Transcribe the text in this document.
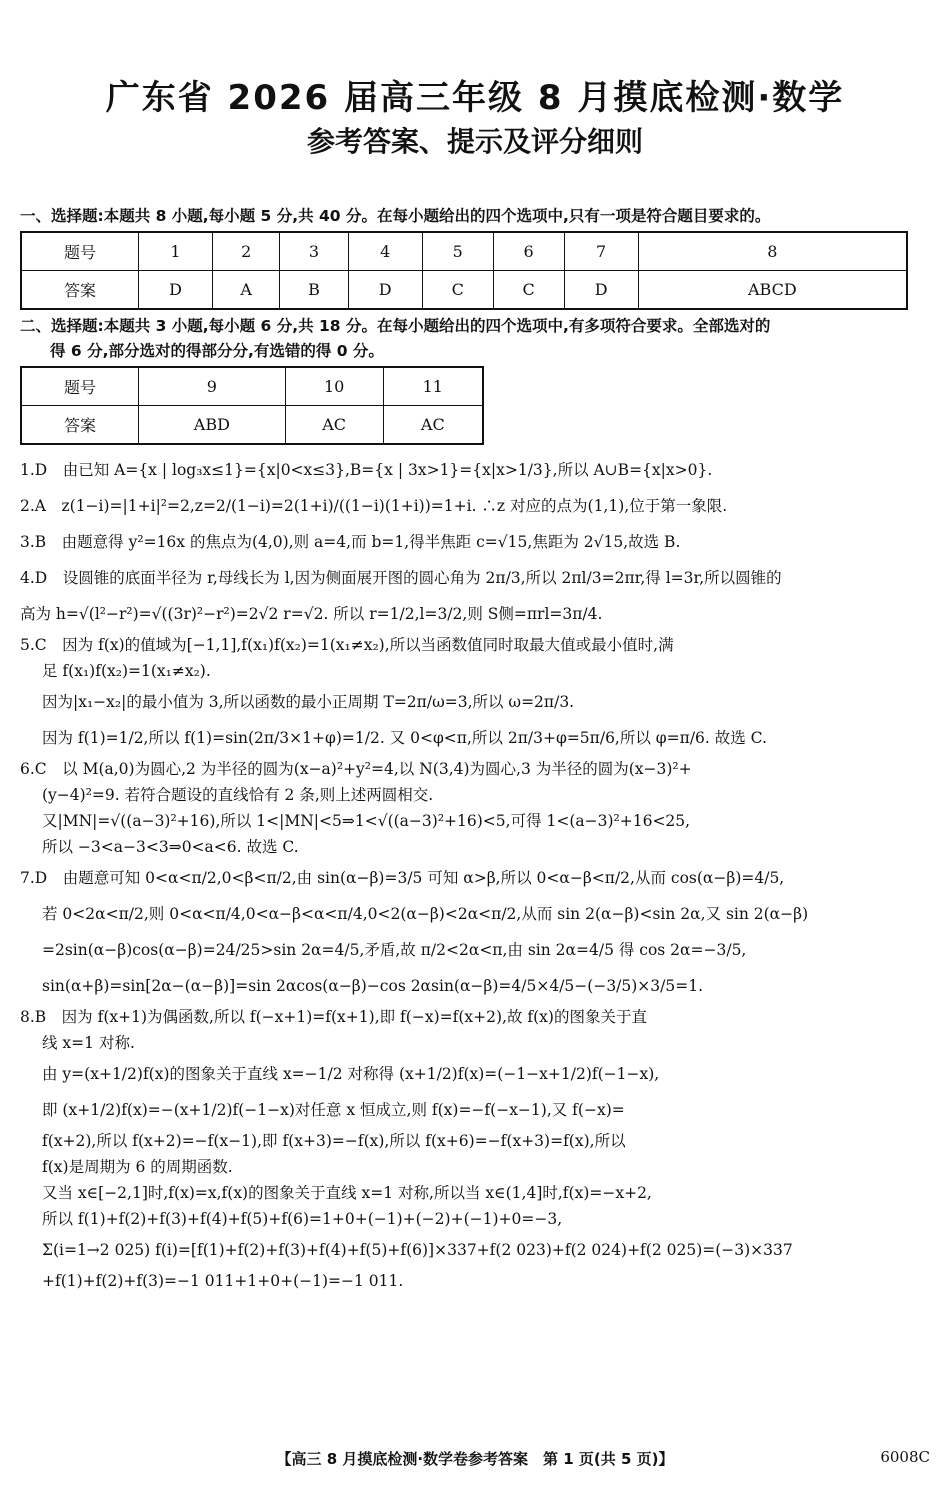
广东省 2026 届高三年级 8 月摸底检测·数学
参考答案、提示及评分细则
一、选择题:本题共 8 小题,每小题 5 分,共 40 分。在每小题给出的四个选项中,只有一项是符合题目要求的。
题号	1	2	3	4	5	6	7	8
答案	D	A	B	D	C	C	D	ABCD
二、选择题:本题共 3 小题,每小题 6 分,共 18 分。在每小题给出的四个选项中,有多项符合要求。全部选对的
得 6 分,部分选对的得部分分,有选错的得 0 分。
题号	9	10	11
答案	ABD	AC	AC
1.D　由已知 A={x | log₃x≤1}={x|0<x≤3},B={x | 3x>1}={x|x>1/3},所以 A∪B={x|x>0}.
2.A　z(1−i)=|1+i|²=2,z=2/(1−i)=2(1+i)/((1−i)(1+i))=1+i. ∴z 对应的点为(1,1),位于第一象限.
3.B　由题意得 y²=16x 的焦点为(4,0),则 a=4,而 b=1,得半焦距 c=√15,焦距为 2√15,故选 B.
4.D　设圆锥的底面半径为 r,母线长为 l,因为侧面展开图的圆心角为 2π/3,所以 2πl/3=2πr,得 l=3r,所以圆锥的
高为 h=√(l²−r²)=√((3r)²−r²)=2√2 r=√2. 所以 r=1/2,l=3/2,则 S侧=πrl=3π/4.
5.C　因为 f(x)的值域为[−1,1],f(x₁)f(x₂)=1(x₁≠x₂),所以当函数值同时取最大值或最小值时,满
足 f(x₁)f(x₂)=1(x₁≠x₂).
因为|x₁−x₂|的最小值为 3,所以函数的最小正周期 T=2π/ω=3,所以 ω=2π/3.
因为 f(1)=1/2,所以 f(1)=sin(2π/3×1+φ)=1/2. 又 0<φ<π,所以 2π/3+φ=5π/6,所以 φ=π/6. 故选 C.
6.C　以 M(a,0)为圆心,2 为半径的圆为(x−a)²+y²=4,以 N(3,4)为圆心,3 为半径的圆为(x−3)²+
(y−4)²=9. 若符合题设的直线恰有 2 条,则上述两圆相交.
又|MN|=√((a−3)²+16),所以 1<|MN|<5⇒1<√((a−3)²+16)<5,可得 1<(a−3)²+16<25,
所以 −3<a−3<3⇒0<a<6. 故选 C.
7.D　由题意可知 0<α<π/2,0<β<π/2,由 sin(α−β)=3/5 可知 α>β,所以 0<α−β<π/2,从而 cos(α−β)=4/5,
若 0<2α<π/2,则 0<α<π/4,0<α−β<α<π/4,0<2(α−β)<2α<π/2,从而 sin 2(α−β)<sin 2α,又 sin 2(α−β)
=2sin(α−β)cos(α−β)=24/25>sin 2α=4/5,矛盾,故 π/2<2α<π,由 sin 2α=4/5 得 cos 2α=−3/5,
sin(α+β)=sin[2α−(α−β)]=sin 2αcos(α−β)−cos 2αsin(α−β)=4/5×4/5−(−3/5)×3/5=1.
8.B　因为 f(x+1)为偶函数,所以 f(−x+1)=f(x+1),即 f(−x)=f(x+2),故 f(x)的图象关于直
线 x=1 对称.
由 y=(x+1/2)f(x)的图象关于直线 x=−1/2 对称得 (x+1/2)f(x)=(−1−x+1/2)f(−1−x),
即 (x+1/2)f(x)=−(x+1/2)f(−1−x)对任意 x 恒成立,则 f(x)=−f(−x−1),又 f(−x)=
f(x+2),所以 f(x+2)=−f(x−1),即 f(x+3)=−f(x),所以 f(x+6)=−f(x+3)=f(x),所以
f(x)是周期为 6 的周期函数.
又当 x∈[−2,1]时,f(x)=x,f(x)的图象关于直线 x=1 对称,所以当 x∈(1,4]时,f(x)=−x+2,
所以 f(1)+f(2)+f(3)+f(4)+f(5)+f(6)=1+0+(−1)+(−2)+(−1)+0=−3,
Σ(i=1→2 025) f(i)=[f(1)+f(2)+f(3)+f(4)+f(5)+f(6)]×337+f(2 023)+f(2 024)+f(2 025)=(−3)×337
+f(1)+f(2)+f(3)=−1 011+1+0+(−1)=−1 011.
【高三 8 月摸底检测·数学卷参考答案　第 1 页(共 5 页)】	6008C
